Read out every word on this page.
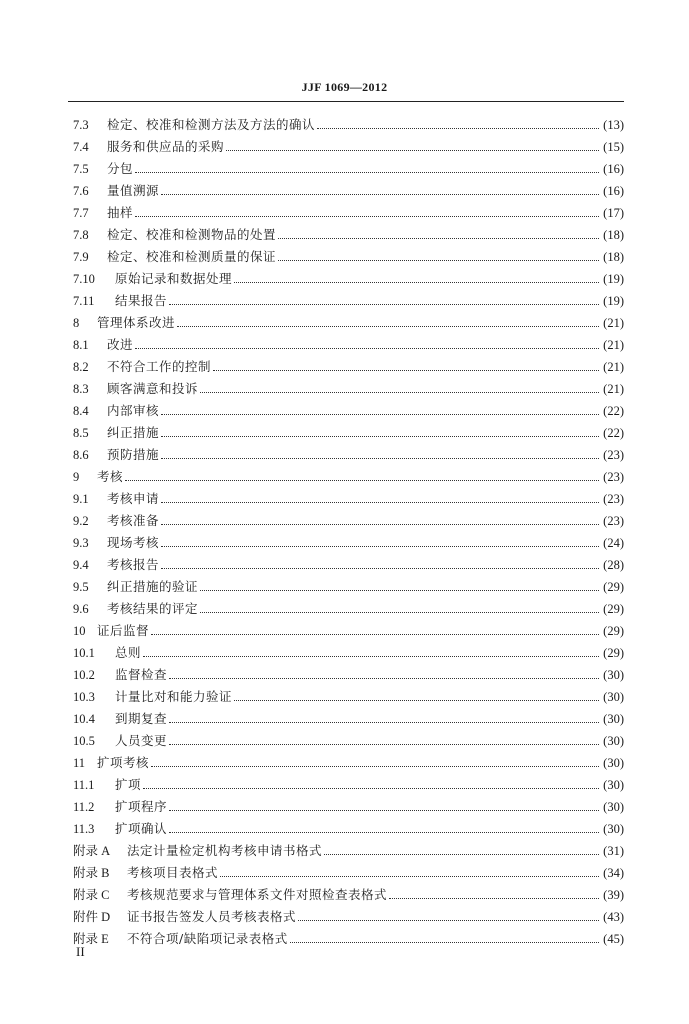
JJF 1069—2012
7.3	检定、校准和检测方法及方法的确认	(13)
7.4	服务和供应品的采购	(15)
7.5	分包	(16)
7.6	量值溯源	(16)
7.7	抽样	(17)
7.8	检定、校准和检测物品的处置	(18)
7.9	检定、校准和检测质量的保证	(18)
7.10	原始记录和数据处理	(19)
7.11	结果报告	(19)
8	管理体系改进	(21)
8.1	改进	(21)
8.2	不符合工作的控制	(21)
8.3	顾客满意和投诉	(21)
8.4	内部审核	(22)
8.5	纠正措施	(22)
8.6	预防措施	(23)
9	考核	(23)
9.1	考核申请	(23)
9.2	考核准备	(23)
9.3	现场考核	(24)
9.4	考核报告	(28)
9.5	纠正措施的验证	(29)
9.6	考核结果的评定	(29)
10 证后监督	(29)
10.1	总则	(29)
10.2	监督检查	(30)
10.3	计量比对和能力验证	(30)
10.4	到期复查	(30)
10.5	人员变更	(30)
11 扩项考核	(30)
11.1	扩项	(30)
11.2	扩项程序	(30)
11.3	扩项确认	(30)
附录 A	法定计量检定机构考核申请书格式	(31)
附录 B	考核项目表格式	(34)
附录 C	考核规范要求与管理体系文件对照检查表格式	(39)
附件 D	证书报告签发人员考核表格式	(43)
附录 E	不符合项/缺陷项记录表格式	(45)
II
